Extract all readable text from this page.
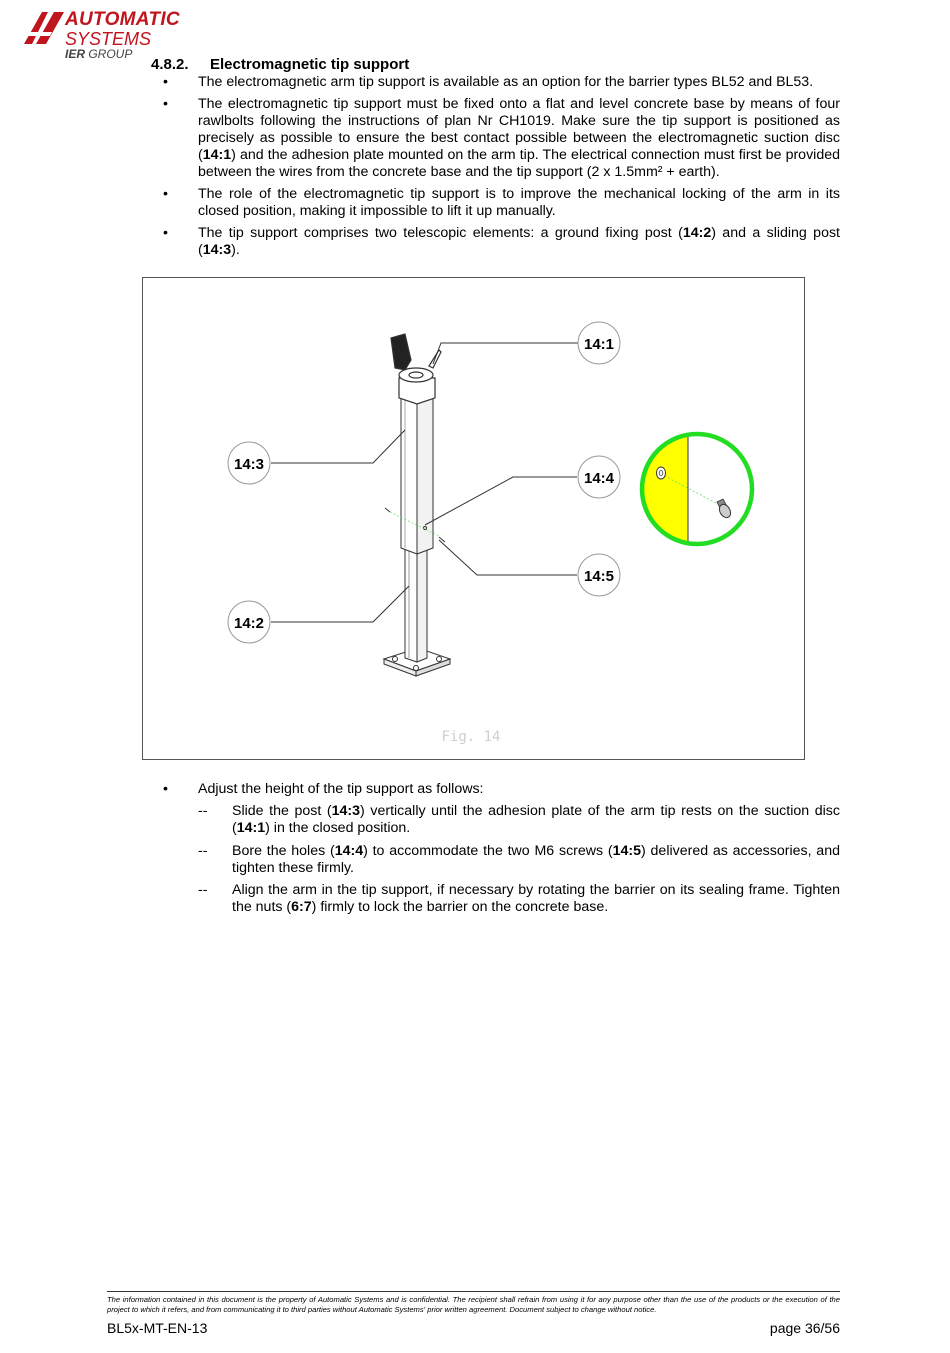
AUTOMATIC
SYSTEMS
IER GROUP
4.8.2. Electromagnetic tip support

• The electromagnetic arm tip support is available as an option for the barrier types BL52 and BL53.

• The electromagnetic tip support must be fixed onto a flat and level concrete base by means of four rawlbolts following the instructions of plan Nr CH1019. Make sure the tip support is positioned as precisely as possible to ensure the best contact possible between the electromagnetic suction disc (14:1) and the adhesion plate mounted on the arm tip. The electrical connection must first be provided between the wires from the concrete base and the tip support (2 x 1.5mm² + earth).

• The role of the electromagnetic tip support is to improve the mechanical locking of the arm in its closed position, making it impossible to lift it up manually.

• The tip support comprises two telescopic elements: a ground fixing post (14:2) and a sliding post (14:3).

14:1
14:3
14:4
14:5
14:2
Fig. 14

• Adjust the height of the tip support as follows:

-- Slide the post (14:3) vertically until the adhesion plate of the arm tip rests on the suction disc (14:1) in the closed position.

-- Bore the holes (14:4) to accommodate the two M6 screws (14:5) delivered as accessories, and tighten these firmly.

-- Align the arm in the tip support, if necessary by rotating the barrier on its sealing frame. Tighten the nuts (6:7) firmly to lock the barrier on the concrete base.

The information contained in this document is the property of Automatic Systems and is confidential. The recipient shall refrain from using it for any purpose other than the use of the products or the execution of the project to which it refers, and from communicating it to third parties without Automatic Systems' prior written agreement. Document subject to change without notice.
BL5x-MT-EN-13	page 36/56
